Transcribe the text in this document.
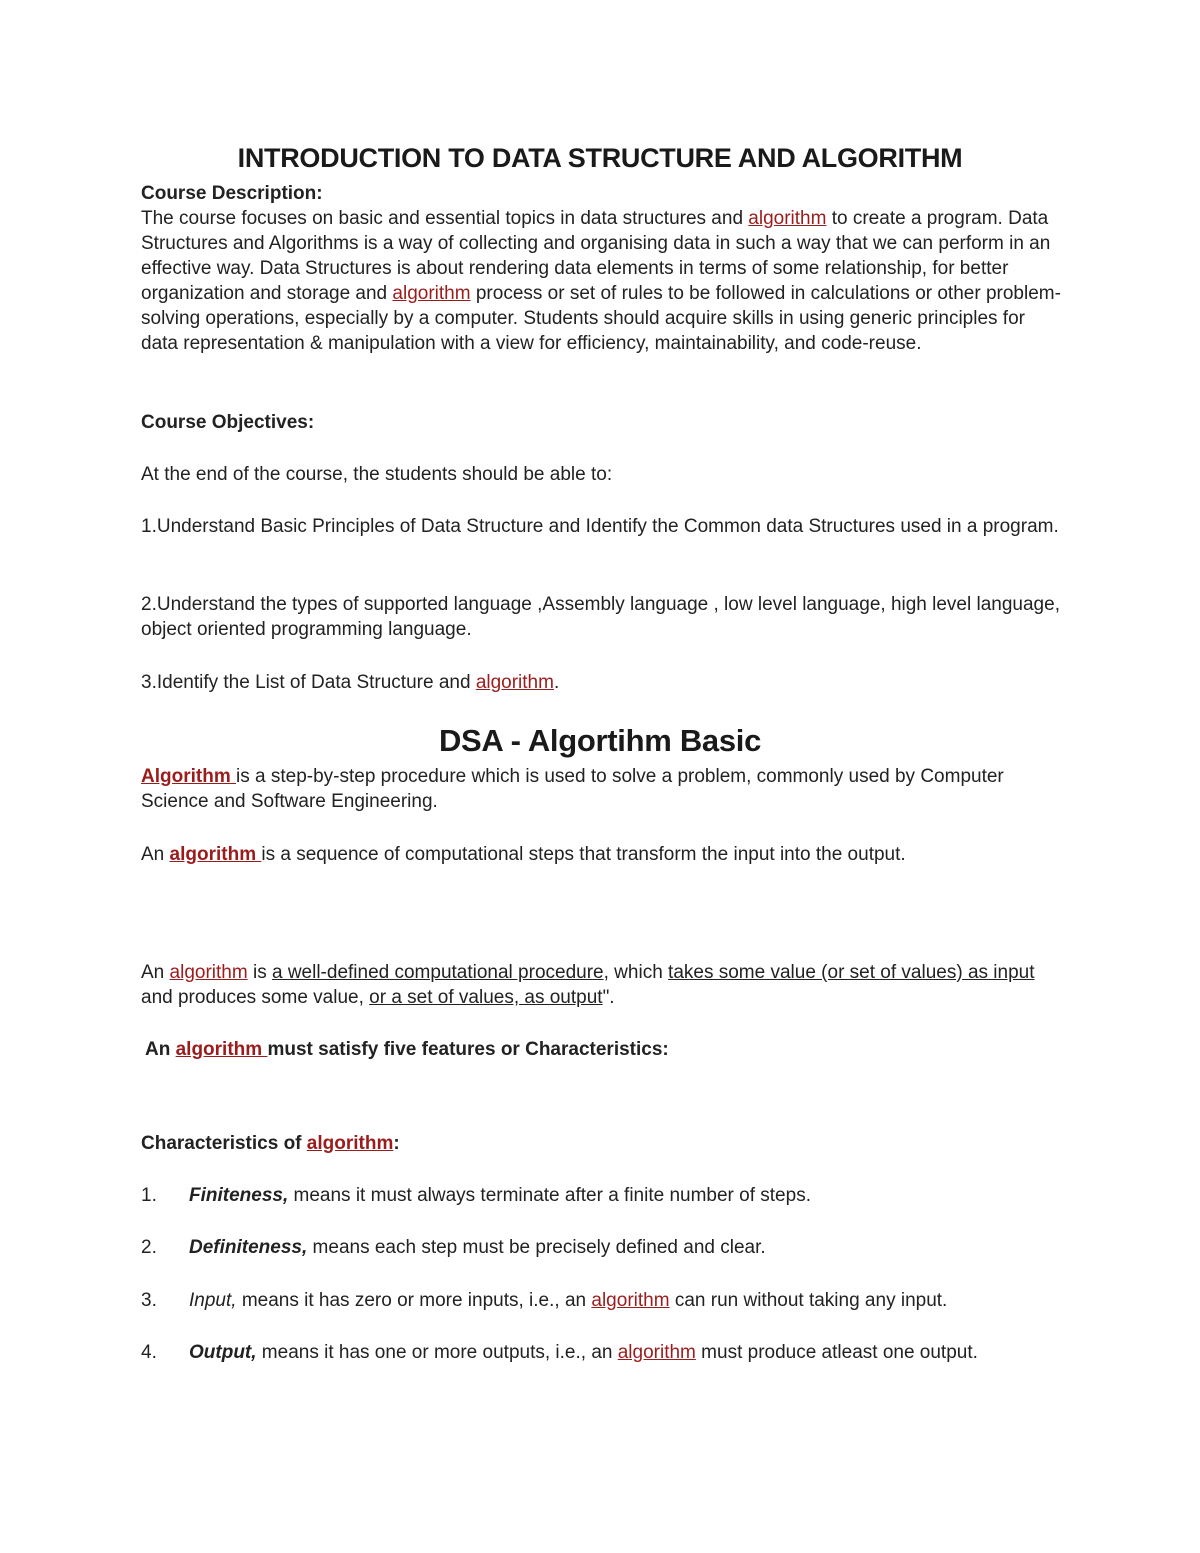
INTRODUCTION TO DATA STRUCTURE AND ALGORITHM
Course Description:
The course focuses on basic and essential topics in data structures and algorithm to create a program. Data Structures and Algorithms is a way of collecting and organising data in such a way that we can perform in an effective way. Data Structures is about rendering data elements in terms of some relationship, for better organization and storage and algorithm process or set of rules to be followed in calculations or other problem-solving operations, especially by a computer. Students should acquire skills in using generic principles for data representation & manipulation with a view for efficiency, maintainability, and code-reuse.
Course Objectives:
At the end of the course, the students should be able to:
1.Understand Basic Principles of Data Structure and Identify the Common data Structures used in a program.
2.Understand the types of supported language ,Assembly language , low level language, high level language, object oriented programming language.
3.Identify the List of Data Structure and algorithm.
DSA - Algortihm Basic
Algorithm is a step-by-step procedure which is used to solve a problem, commonly used by Computer Science and Software Engineering.
An algorithm is a sequence of computational steps that transform the input into the output.
An algorithm is a well-defined computational procedure, which takes some value (or set of values) as input and produces some value, or a set of values, as output".
An algorithm must satisfy five features or Characteristics:
Characteristics of algorithm:
1. Finiteness, means it must always terminate after a finite number of steps.
2. Definiteness, means each step must be precisely defined and clear.
3. Input, means it has zero or more inputs, i.e., an algorithm can run without taking any input.
4. Output, means it has one or more outputs, i.e., an algorithm must produce atleast one output.
